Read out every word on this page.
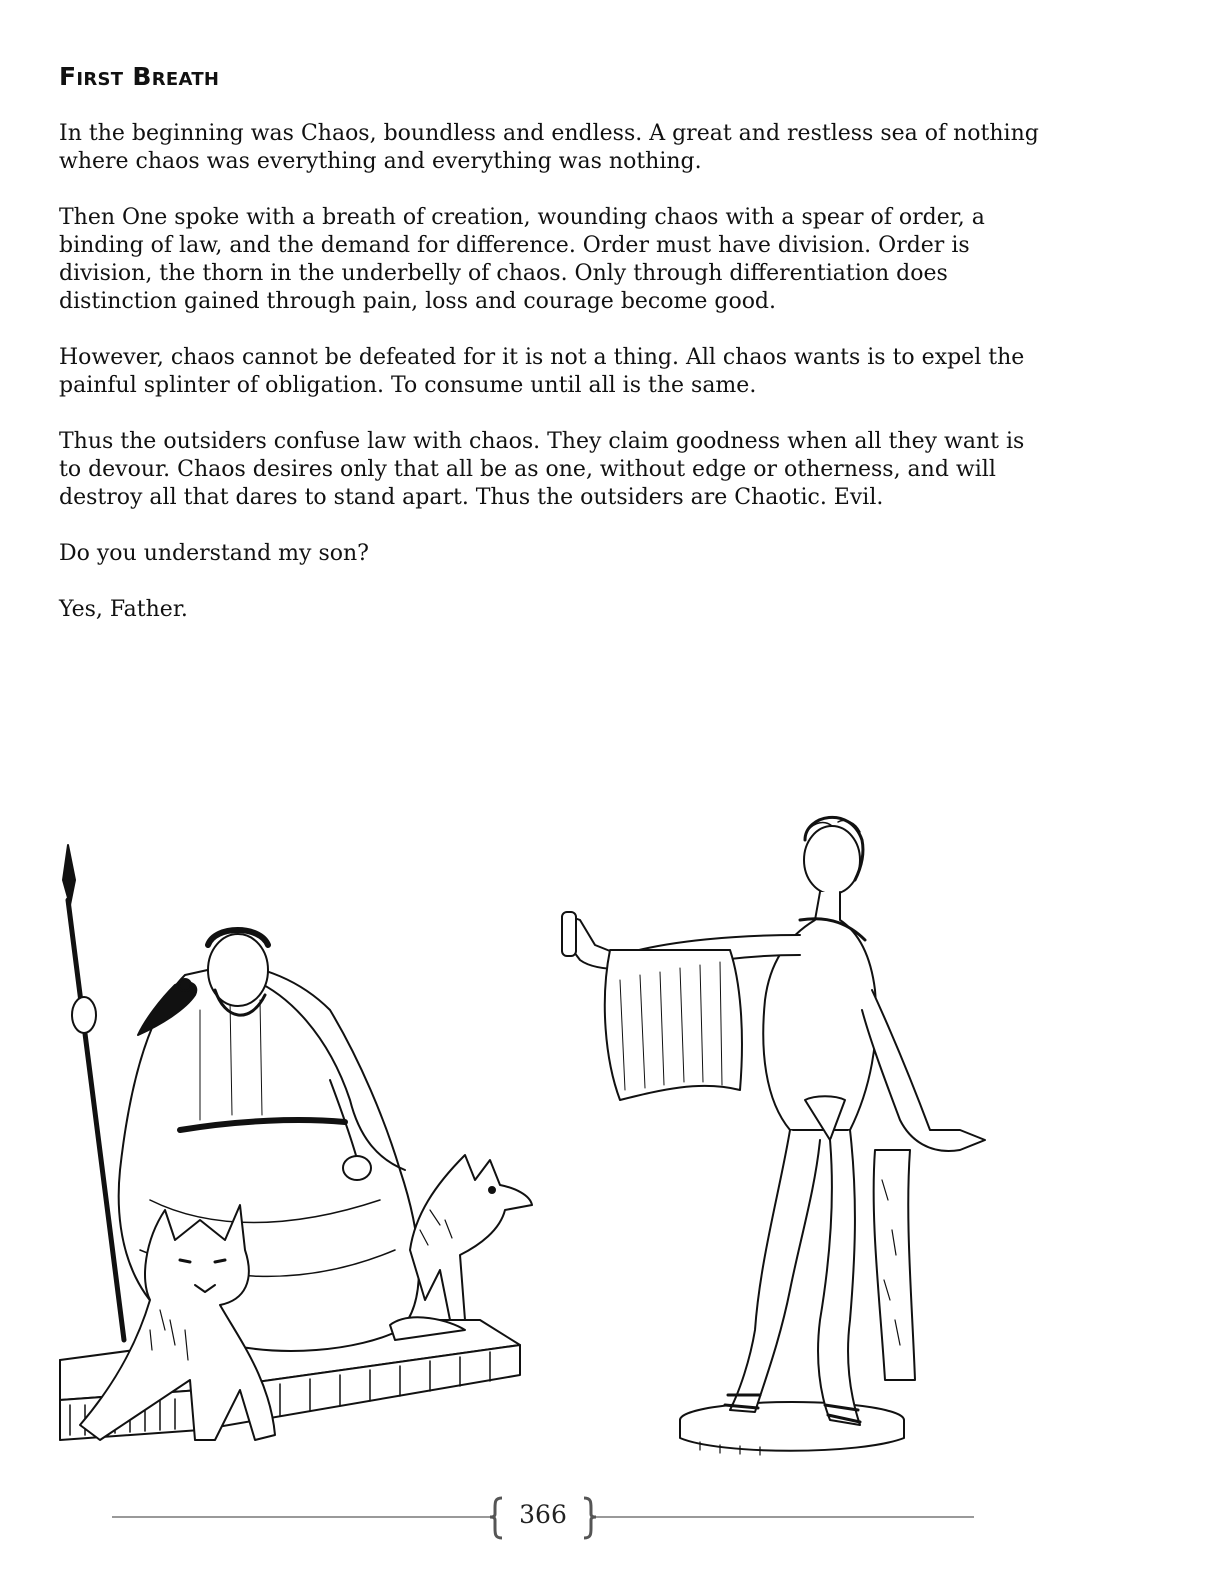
First Breath

In the beginning was Chaos, boundless and endless. A great and restless sea of nothing where chaos was everything and everything was nothing.

Then One spoke with a breath of creation, wounding chaos with a spear of order, a binding of law, and the demand for difference. Order must have division. Order is division, the thorn in the underbelly of chaos. Only through differentiation does distinction gained through pain, loss and courage become good.

However, chaos cannot be defeated for it is not a thing. All chaos wants is to expel the painful splinter of obligation. To consume until all is the same.

Thus the outsiders confuse law with chaos. They claim goodness when all they want is to devour. Chaos desires only that all be as one, without edge or otherness, and will destroy all that dares to stand apart. Thus the outsiders are Chaotic. Evil.

Do you understand my son?

Yes, Father.

366
